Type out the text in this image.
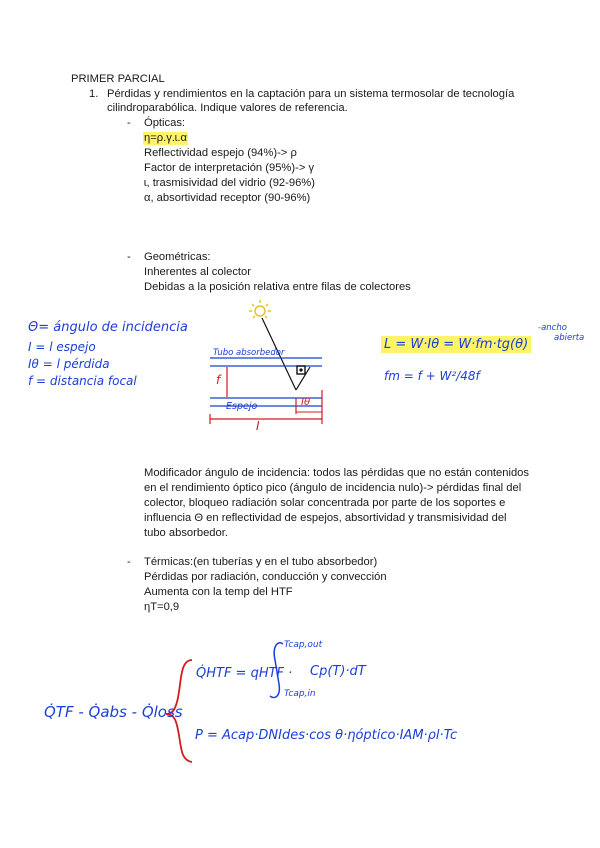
PRIMER PARCIAL
1. Pérdidas y rendimientos en la captación para un sistema termosolar de tecnología
cilindroparabólica. Indique valores de referencia.
- Ópticas:
η=ρ.γ.ɩ.α
Reflectividad espejo (94%)-> ρ
Factor de interpretación (95%)-> γ
ɩ, trasmisividad del vidrio (92-96%)
α, absortividad receptor (90-96%)
- Geométricas:
Inherentes al colector
Debidas a la posición relativa entre filas de colectores
Modificador ángulo de incidencia: todos las pérdidas que no están contenidos
en el rendimiento óptico pico (ángulo de incidencia nulo)-> pérdidas final del
colector, bloqueo radiación solar concentrada por parte de los soportes e
influencia Θ en reflectividad de espejos, absortividad y transmisividad del
tubo absorbedor.
- Térmicas:(en tuberías y en el tubo absorbedor)
Pérdidas por radiación, conducción y convección
Aumenta con la temp del HTF
ηT=0,9
Θ= ángulo de incidencia
I = l espejo
Iθ = l pérdida
f = distancia focal
Tubo absorbedor
Espejo
f
I
Iθ
L = W·Iθ = W·fm·tg(θ)
fm = f + W²/48f
-ancho
abierta
Q̇TF - Q̇abs - Q̇loss
Q̇HTF = qHTF ·
Tcap,out
Tcap,in
Cp(T)·dT
P = Acap·DNIdes·cos θ·ηóptico·IAM·ρl·Tc
